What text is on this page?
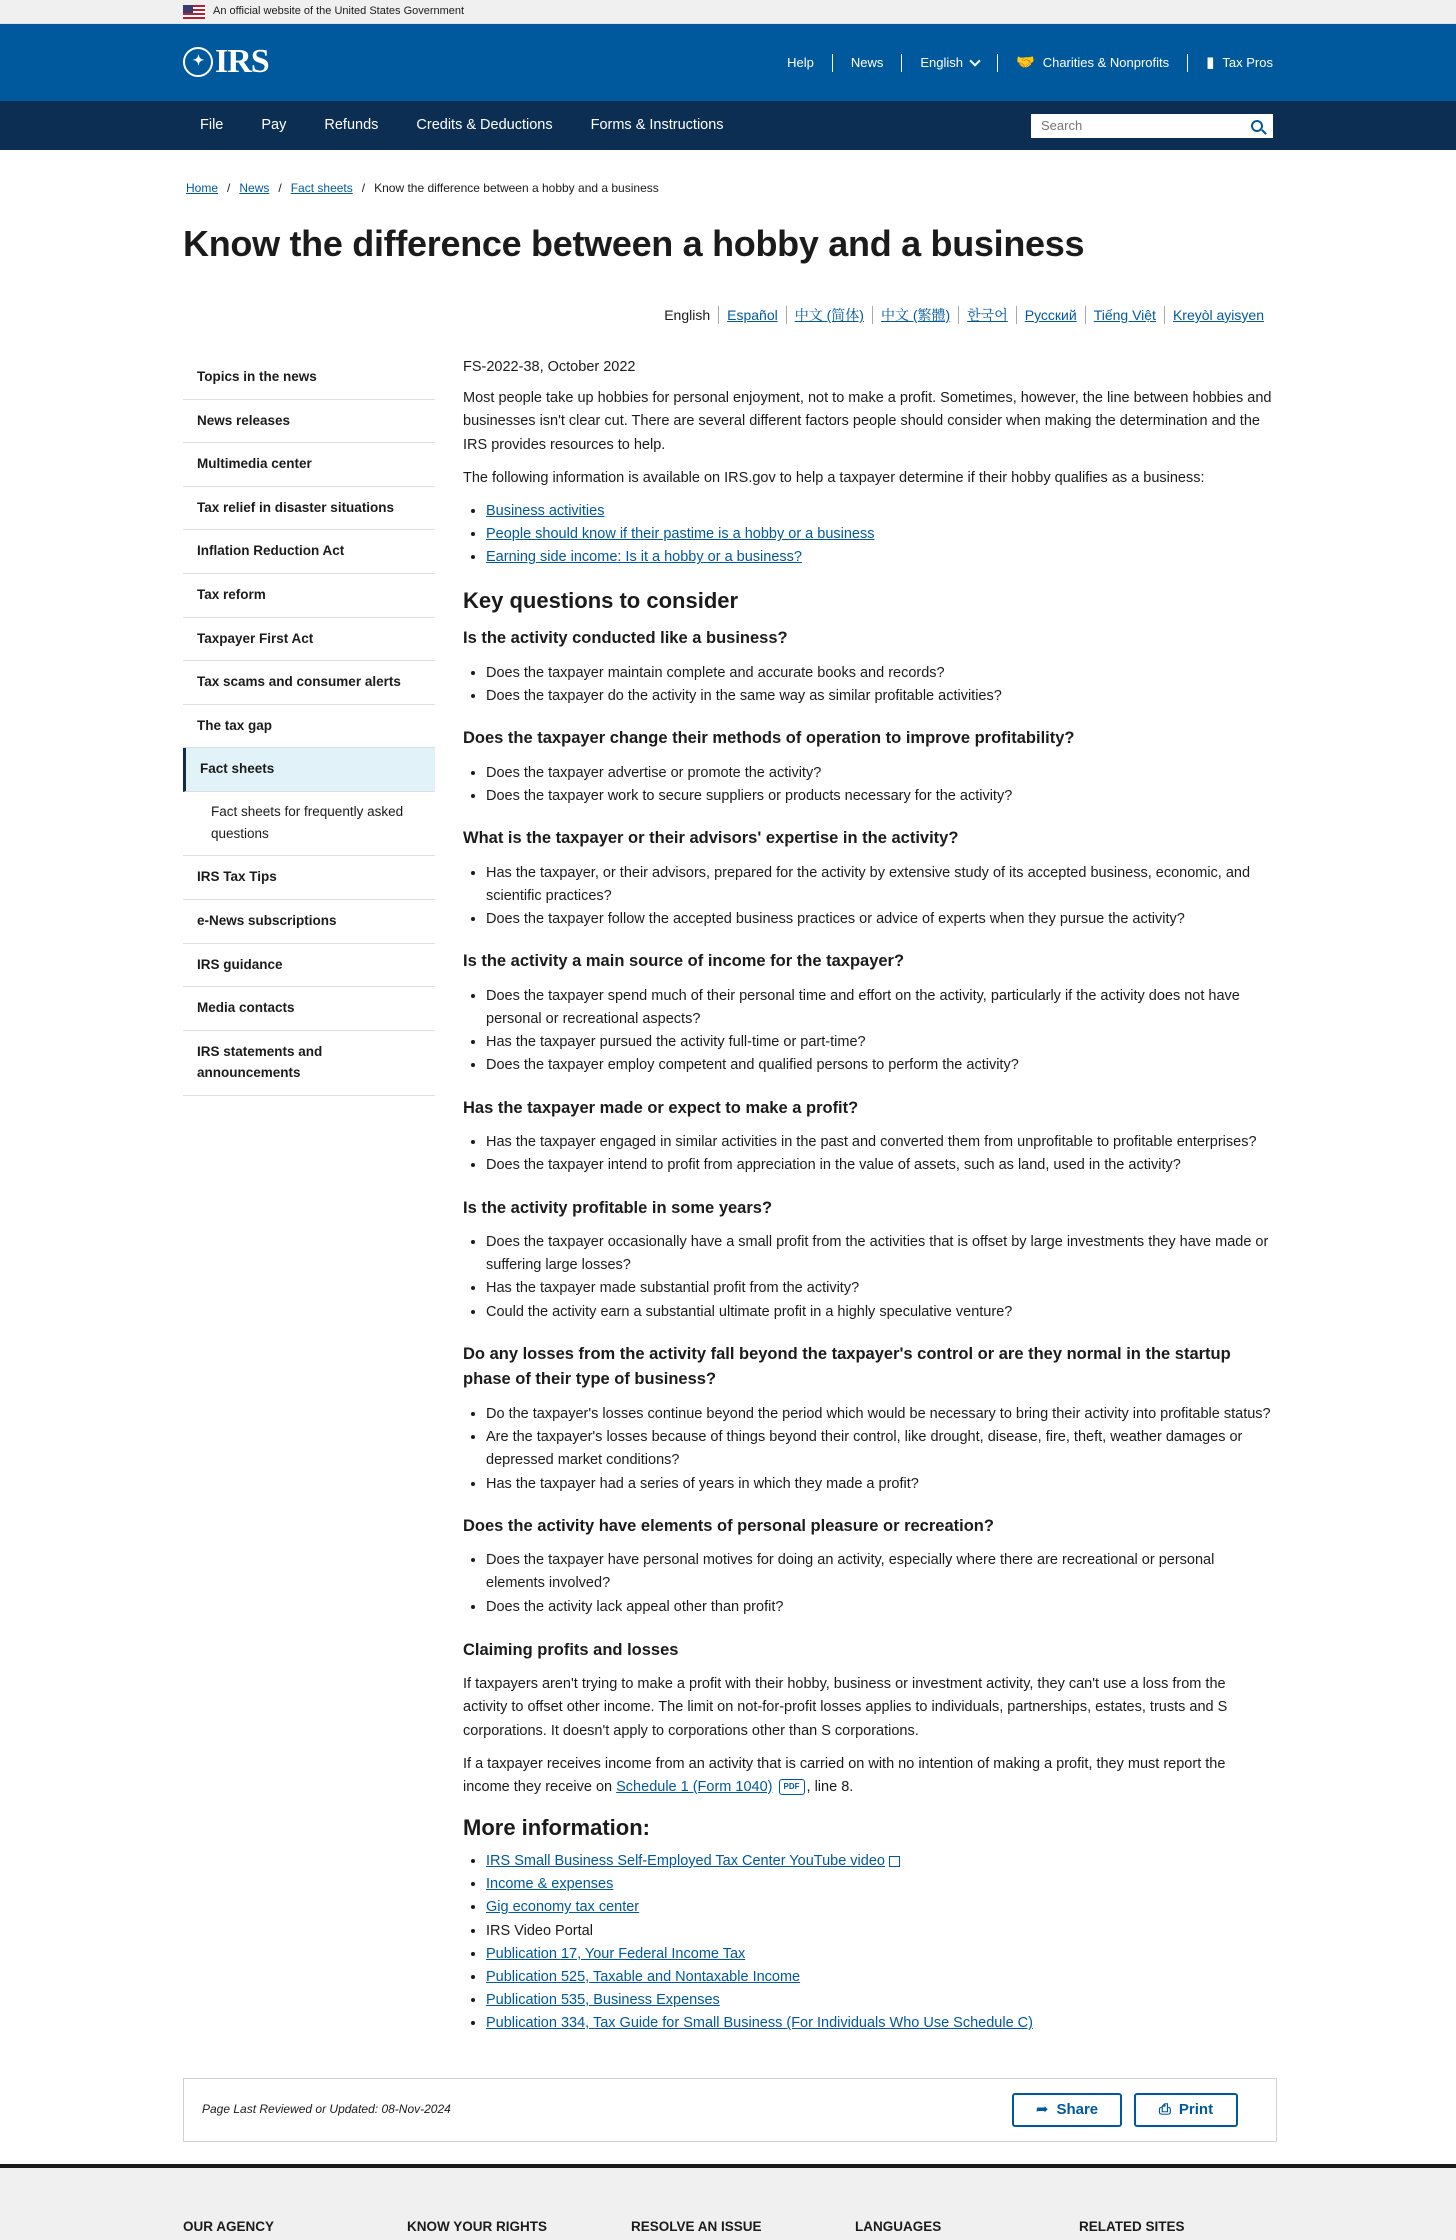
An official website of the United States Government
✦ IRS	Help	News	English	🤝 Charities & Nonprofits ▮ Tax Pros
File	Pay	Refunds	Credits & Deductions	Forms & Instructions
Search
Home / News / Fact sheets / Know the difference between a hobby and a business
Know the difference between a hobby and a business
English	Español	中文 (简体)	中文 (繁體)	한국어	Русский	Tiếng Việt	Kreyòl ayisyen
Topics in the news
News releases
Multimedia center
Tax relief in disaster situations
Inflation Reduction Act
Tax reform
Taxpayer First Act
Tax scams and consumer alerts
The tax gap
Fact sheets
Fact sheets for frequently asked questions
IRS Tax Tips
e-News subscriptions
IRS guidance
Media contacts
IRS statements and announcements

FS-2022-38, October 2022

Most people take up hobbies for personal enjoyment, not to make a profit. Sometimes, however, the line between hobbies and businesses isn't clear cut. There are several different factors people should consider when making the determination and the IRS provides resources to help.

The following information is available on IRS.gov to help a taxpayer determine if their hobby qualifies as a business:

• Business activities
• People should know if their pastime is a hobby or a business
• Earning side income: Is it a hobby or a business?
Key questions to consider
Is the activity conducted like a business?
• Does the taxpayer maintain complete and accurate books and records?
• Does the taxpayer do the activity in the same way as similar profitable activities?
Does the taxpayer change their methods of operation to improve profitability?
• Does the taxpayer advertise or promote the activity?
• Does the taxpayer work to secure suppliers or products necessary for the activity?
What is the taxpayer or their advisors' expertise in the activity?
• Has the taxpayer, or their advisors, prepared for the activity by extensive study of its accepted business, economic, and scientific practices?
• Does the taxpayer follow the accepted business practices or advice of experts when they pursue the activity?
Is the activity a main source of income for the taxpayer?
• Does the taxpayer spend much of their personal time and effort on the activity, particularly if the activity does not have personal or recreational aspects?
• Has the taxpayer pursued the activity full-time or part-time?
• Does the taxpayer employ competent and qualified persons to perform the activity?
Has the taxpayer made or expect to make a profit?
• Has the taxpayer engaged in similar activities in the past and converted them from unprofitable to profitable enterprises?
• Does the taxpayer intend to profit from appreciation in the value of assets, such as land, used in the activity?
Is the activity profitable in some years?
• Does the taxpayer occasionally have a small profit from the activities that is offset by large investments they have made or suffering large losses?
• Has the taxpayer made substantial profit from the activity?
• Could the activity earn a substantial ultimate profit in a highly speculative venture?
Do any losses from the activity fall beyond the taxpayer's control or are they normal in the startup phase of their type of business?
• Do the taxpayer's losses continue beyond the period which would be necessary to bring their activity into profitable status?
• Are the taxpayer's losses because of things beyond their control, like drought, disease, fire, theft, weather damages or depressed market conditions?
• Has the taxpayer had a series of years in which they made a profit?
Does the activity have elements of personal pleasure or recreation?
• Does the taxpayer have personal motives for doing an activity, especially where there are recreational or personal elements involved?
• Does the activity lack appeal other than profit?
Claiming profits and losses

If taxpayers aren't trying to make a profit with their hobby, business or investment activity, they can't use a loss from the activity to offset other income. The limit on not-for-profit losses applies to individuals, partnerships, estates, trusts and S corporations. It doesn't apply to corporations other than S corporations.

If a taxpayer receives income from an activity that is carried on with no intention of making a profit, they must report the income they receive on Schedule 1 (Form 1040) PDF , line 8.

More information:
• IRS Small Business Self-Employed Tax Center YouTube video
• Income & expenses
• Gig economy tax center
• IRS Video Portal
• Publication 17, Your Federal Income Tax
• Publication 525, Taxable and Nontaxable Income
• Publication 535, Business Expenses
• Publication 334, Tax Guide for Small Business (For Individuals Who Use Schedule C)
Page Last Reviewed or Updated: 08-Nov-2024	➦ Share	⎙ Print
OUR AGENCY	KNOW YOUR RIGHTS	RESOLVE AN ISSUE	LANGUAGES	RELATED SITES
